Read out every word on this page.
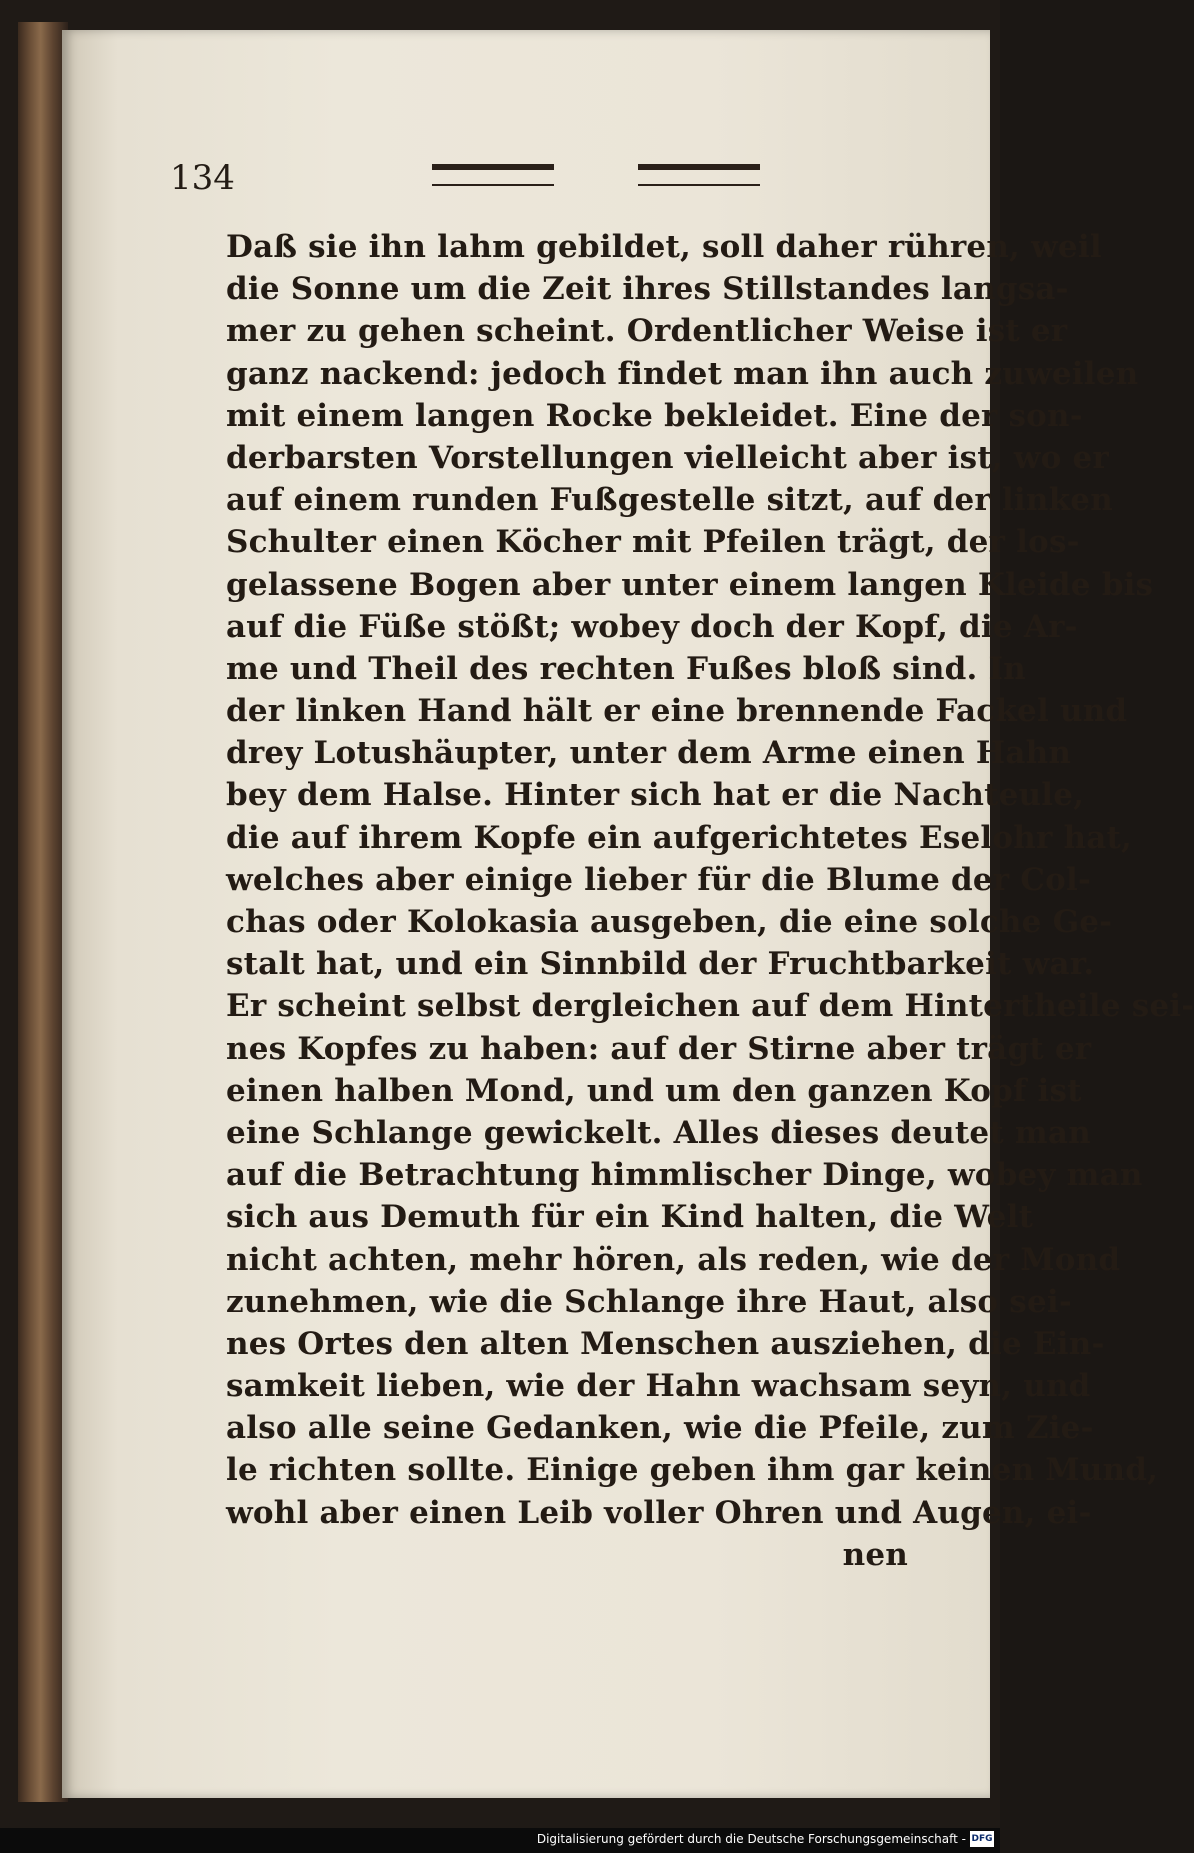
134
Daß sie ihn lahm gebildet, soll daher rühren, weil
die Sonne um die Zeit ihres Stillstandes langsa-
mer zu gehen scheint. Ordentlicher Weise ist er
ganz nackend: jedoch findet man ihn auch zuweilen
mit einem langen Rocke bekleidet. Eine der son-
derbarsten Vorstellungen vielleicht aber ist, wo er
auf einem runden Fußgestelle sitzt, auf der linken
Schulter einen Köcher mit Pfeilen trägt, der los-
gelassene Bogen aber unter einem langen Kleide bis
auf die Füße stößt; wobey doch der Kopf, die Ar-
me und Theil des rechten Fußes bloß sind. In
der linken Hand hält er eine brennende Fackel und
drey Lotushäupter, unter dem Arme einen Hahn
bey dem Halse. Hinter sich hat er die Nachteule,
die auf ihrem Kopfe ein aufgerichtetes Eselohr hat,
welches aber einige lieber für die Blume der Col-
chas oder Kolokasia ausgeben, die eine solche Ge-
stalt hat, und ein Sinnbild der Fruchtbarkeit war.
Er scheint selbst dergleichen auf dem Hintertheile sei-
nes Kopfes zu haben: auf der Stirne aber trägt er
einen halben Mond, und um den ganzen Kopf ist
eine Schlange gewickelt. Alles dieses deutet man
auf die Betrachtung himmlischer Dinge, wobey man
sich aus Demuth für ein Kind halten, die Welt
nicht achten, mehr hören, als reden, wie der Mond
zunehmen, wie die Schlange ihre Haut, also sei-
nes Ortes den alten Menschen ausziehen, die Ein-
samkeit lieben, wie der Hahn wachsam seyn, und
also alle seine Gedanken, wie die Pfeile, zum Zie-
le richten sollte. Einige geben ihm gar keinen Mund,
wohl aber einen Leib voller Ohren und Augen, ei-
nen
Digitalisierung gefördert durch die Deutsche Forschungsgemeinschaft - DFG
